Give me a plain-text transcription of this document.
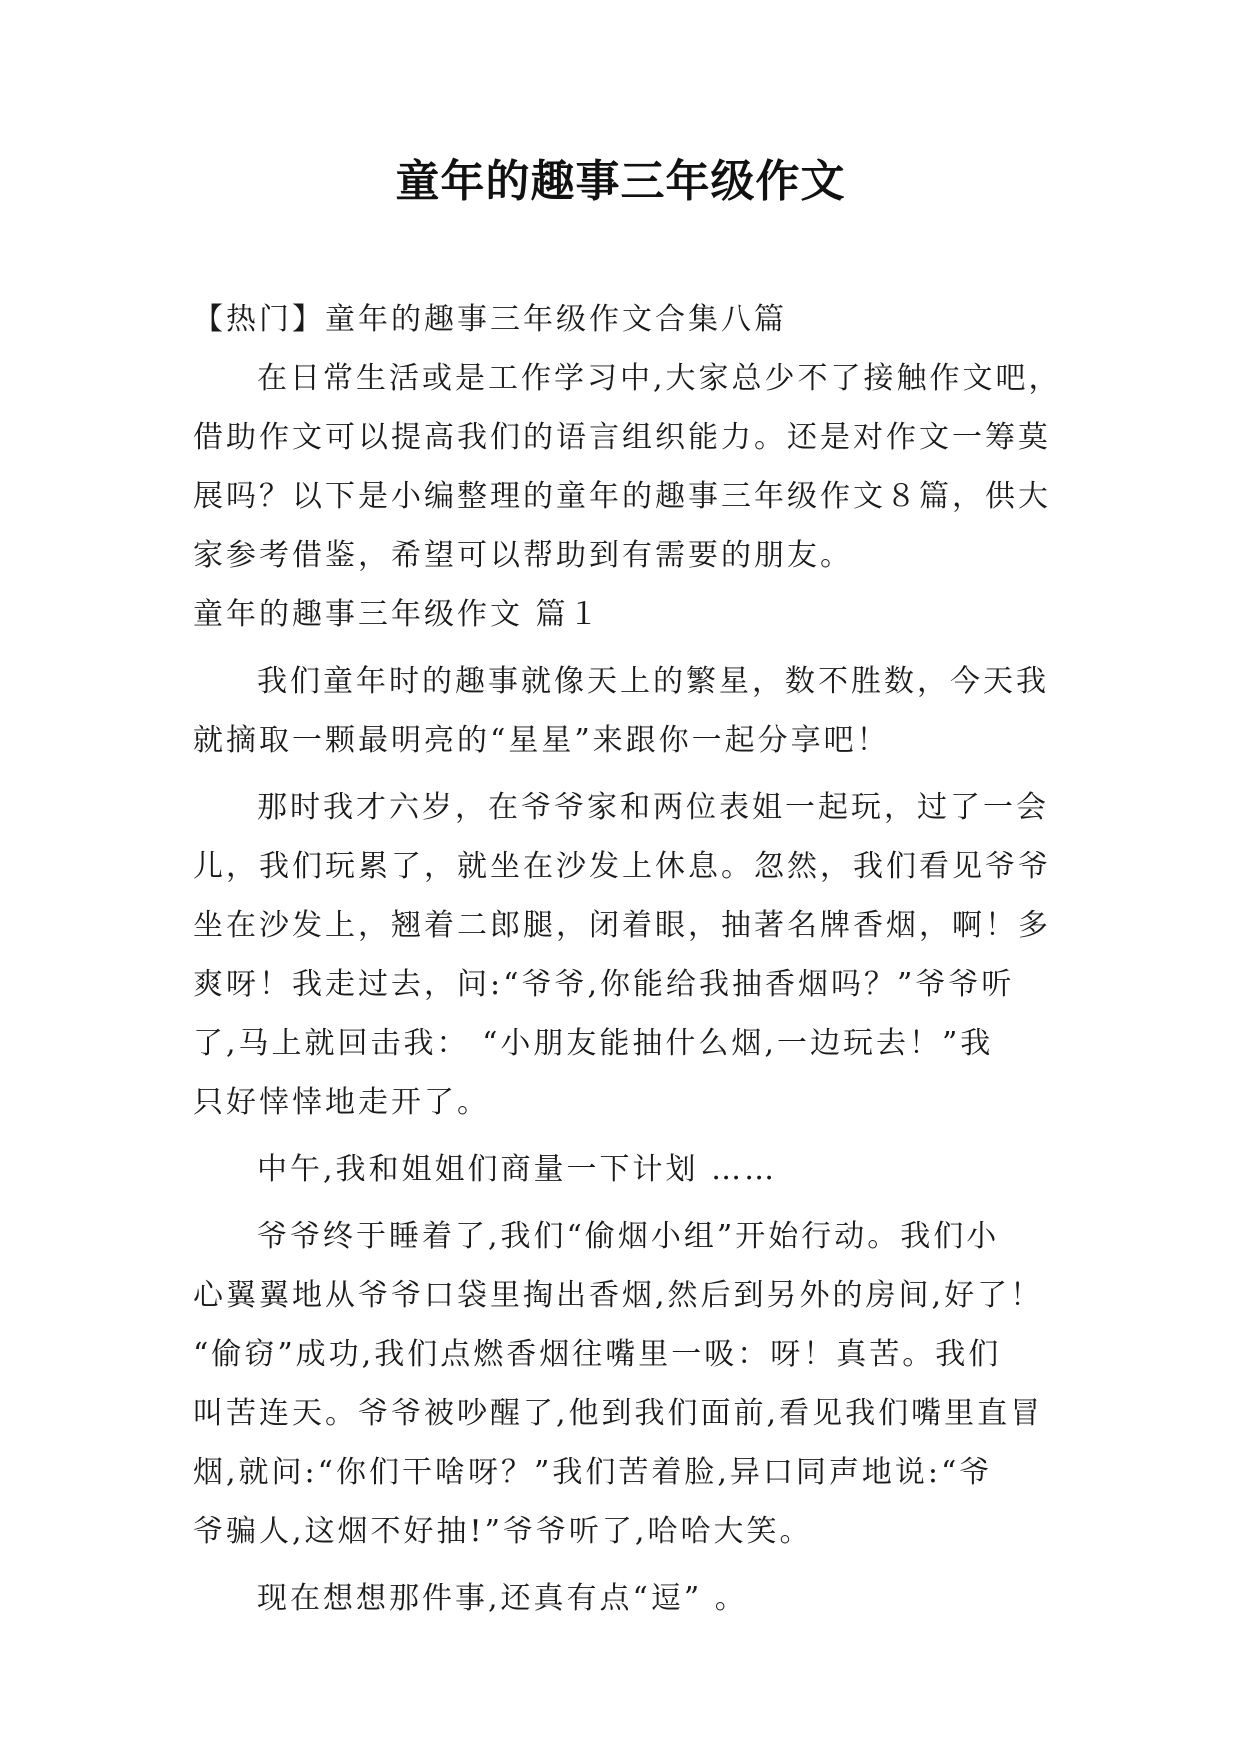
童年的趣事三年级作文
【热门】童年的趣事三年级作文合集八篇
在日常生活或是工作学习中,大家总少不了接触作文吧，
借助作文可以提高我们的语言组织能力。还是对作文一筹莫
展吗？以下是小编整理的童年的趣事三年级作文８篇，供大
家参考借鉴，希望可以帮助到有需要的朋友。
童年的趣事三年级作文 篇１
我们童年时的趣事就像天上的繁星，数不胜数，今天我
就摘取一颗最明亮的“星星”来跟你一起分享吧！
那时我才六岁，在爷爷家和两位表姐一起玩，过了一会
儿，我们玩累了，就坐在沙发上休息。忽然，我们看见爷爷
坐在沙发上，翘着二郎腿，闭着眼，抽著名牌香烟，啊！多
爽呀！我走过去，问:“爷爷,你能给我抽香烟吗？”爷爷听
了,马上就回击我： “小朋友能抽什么烟,一边玩去！”我
只好悻悻地走开了。
中午,我和姐姐们商量一下计划 ……
爷爷终于睡着了,我们“偷烟小组”开始行动。我们小
心翼翼地从爷爷口袋里掏出香烟,然后到另外的房间,好了！
“偷窃”成功,我们点燃香烟往嘴里一吸：呀！真苦。我们
叫苦连天。爷爷被吵醒了,他到我们面前,看见我们嘴里直冒
烟,就问:“你们干啥呀？”我们苦着脸,异口同声地说:“爷
爷骗人,这烟不好抽!”爷爷听了,哈哈大笑。
现在想想那件事,还真有点“逗” 。
